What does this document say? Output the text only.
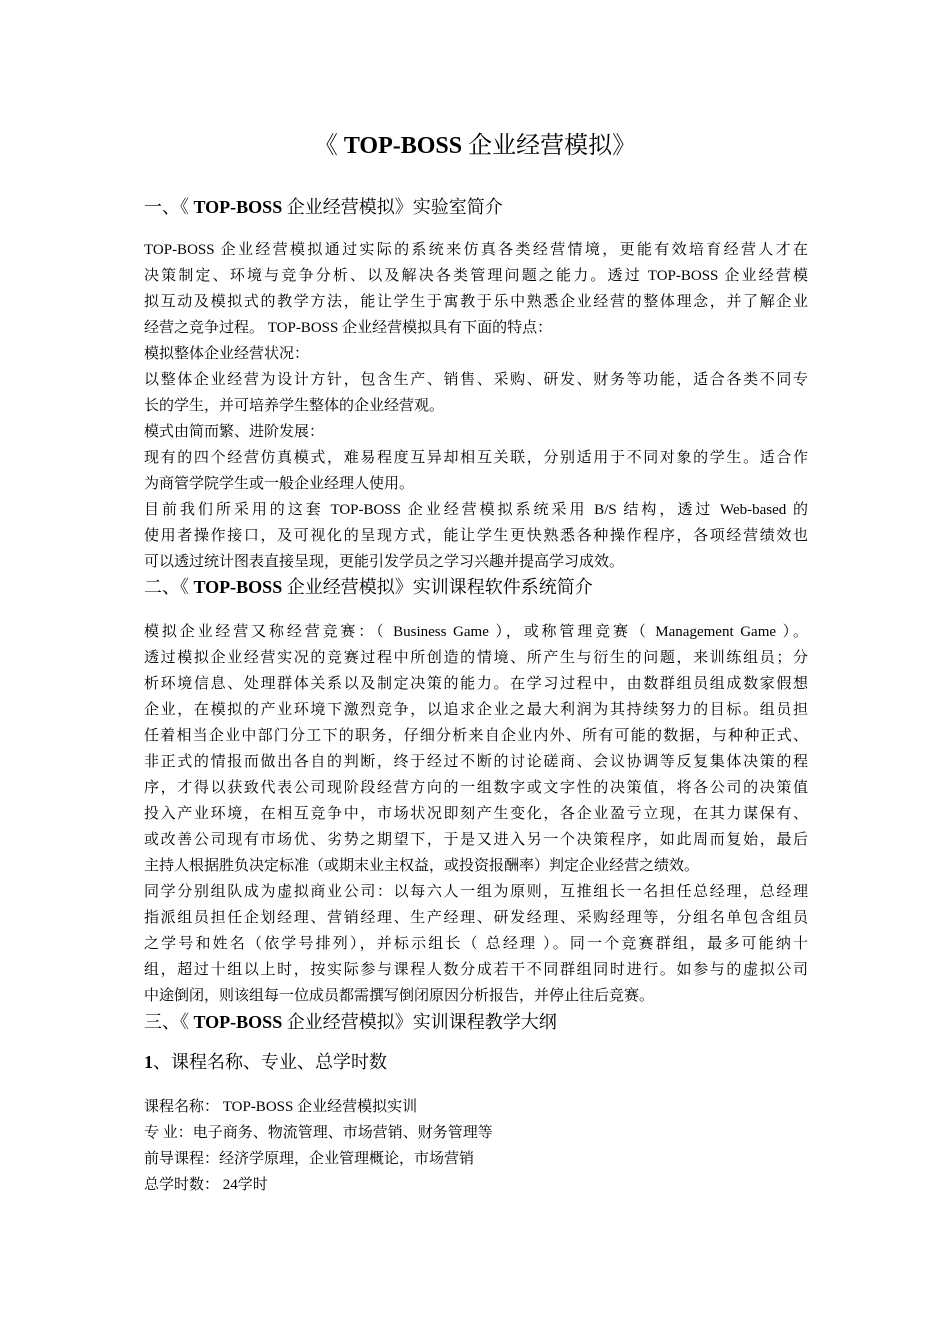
《 TOP-BOSS 企业经营模拟》
一、《 TOP-BOSS 企业经营模拟》实验室简介
TOP-BOSS 企业经营模拟通过实际的系统来仿真各类经营情境，更能有效培育经营人才在
决策制定、环境与竞争分析、以及解决各类管理问题之能力。透过 TOP-BOSS 企业经营模
拟互动及模拟式的教学方法，能让学生于寓教于乐中熟悉企业经营的整体理念，并了解企业
经营之竞争过程。 TOP-BOSS 企业经营模拟具有下面的特点：
模拟整体企业经营状况：
以整体企业经营为设计方针，包含生产、销售、采购、研发、财务等功能，适合各类不同专
长的学生，并可培养学生整体的企业经营观。
模式由简而繁、进阶发展：
现有的四个经营仿真模式，难易程度互异却相互关联，分别适用于不同对象的学生。适合作
为商管学院学生或一般企业经理人使用。
目前我们所采用的这套 TOP-BOSS 企业经营模拟系统采用 B/S 结构，透过 Web-based 的
使用者操作接口，及可视化的呈现方式，能让学生更快熟悉各种操作程序，各项经营绩效也
可以透过统计图表直接呈现，更能引发学员之学习兴趣并提高学习成效。
二、《 TOP-BOSS 企业经营模拟》实训课程软件系统简介
模拟企业经营又称经营竞赛：（ Business Game ），或称管理竞赛（ Management Game ）。
透过模拟企业经营实况的竞赛过程中所创造的情境、所产生与衍生的问题，来训练组员；分
析环境信息、处理群体关系以及制定决策的能力。在学习过程中，由数群组员组成数家假想
企业，在模拟的产业环境下激烈竞争，以追求企业之最大利润为其持续努力的目标。组员担
任着相当企业中部门分工下的职务，仔细分析来自企业内外、所有可能的数据，与种种正式、
非正式的情报而做出各自的判断，终于经过不断的讨论磋商、会议协调等反复集体决策的程
序，才得以获致代表公司现阶段经营方向的一组数字或文字性的决策值，将各公司的决策值
投入产业环境，在相互竞争中，市场状况即刻产生变化，各企业盈亏立现，在其力谋保有、
或改善公司现有市场优、劣势之期望下，于是又进入另一个决策程序，如此周而复始，最后
主持人根据胜负决定标准（或期末业主权益，或投资报酬率）判定企业经营之绩效。
同学分别组队成为虚拟商业公司：以每六人一组为原则，互推组长一名担任总经理，总经理
指派组员担任企划经理、营销经理、生产经理、研发经理、采购经理等，分组名单包含组员
之学号和姓名（依学号排列），并标示组长（ 总经理 ）。同一个竞赛群组，最多可能纳十
组，超过十组以上时，按实际参与课程人数分成若干不同群组同时进行。如参与的虚拟公司
中途倒闭，则该组每一位成员都需撰写倒闭原因分析报告，并停止往后竞赛。
三、《 TOP-BOSS 企业经营模拟》实训课程教学大纲
1、课程名称、专业、总学时数
课程名称： TOP-BOSS 企业经营模拟实训
专 业：电子商务、物流管理、市场营销、财务管理等
前导课程：经济学原理，企业管理概论，市场营销
总学时数： 24学时
